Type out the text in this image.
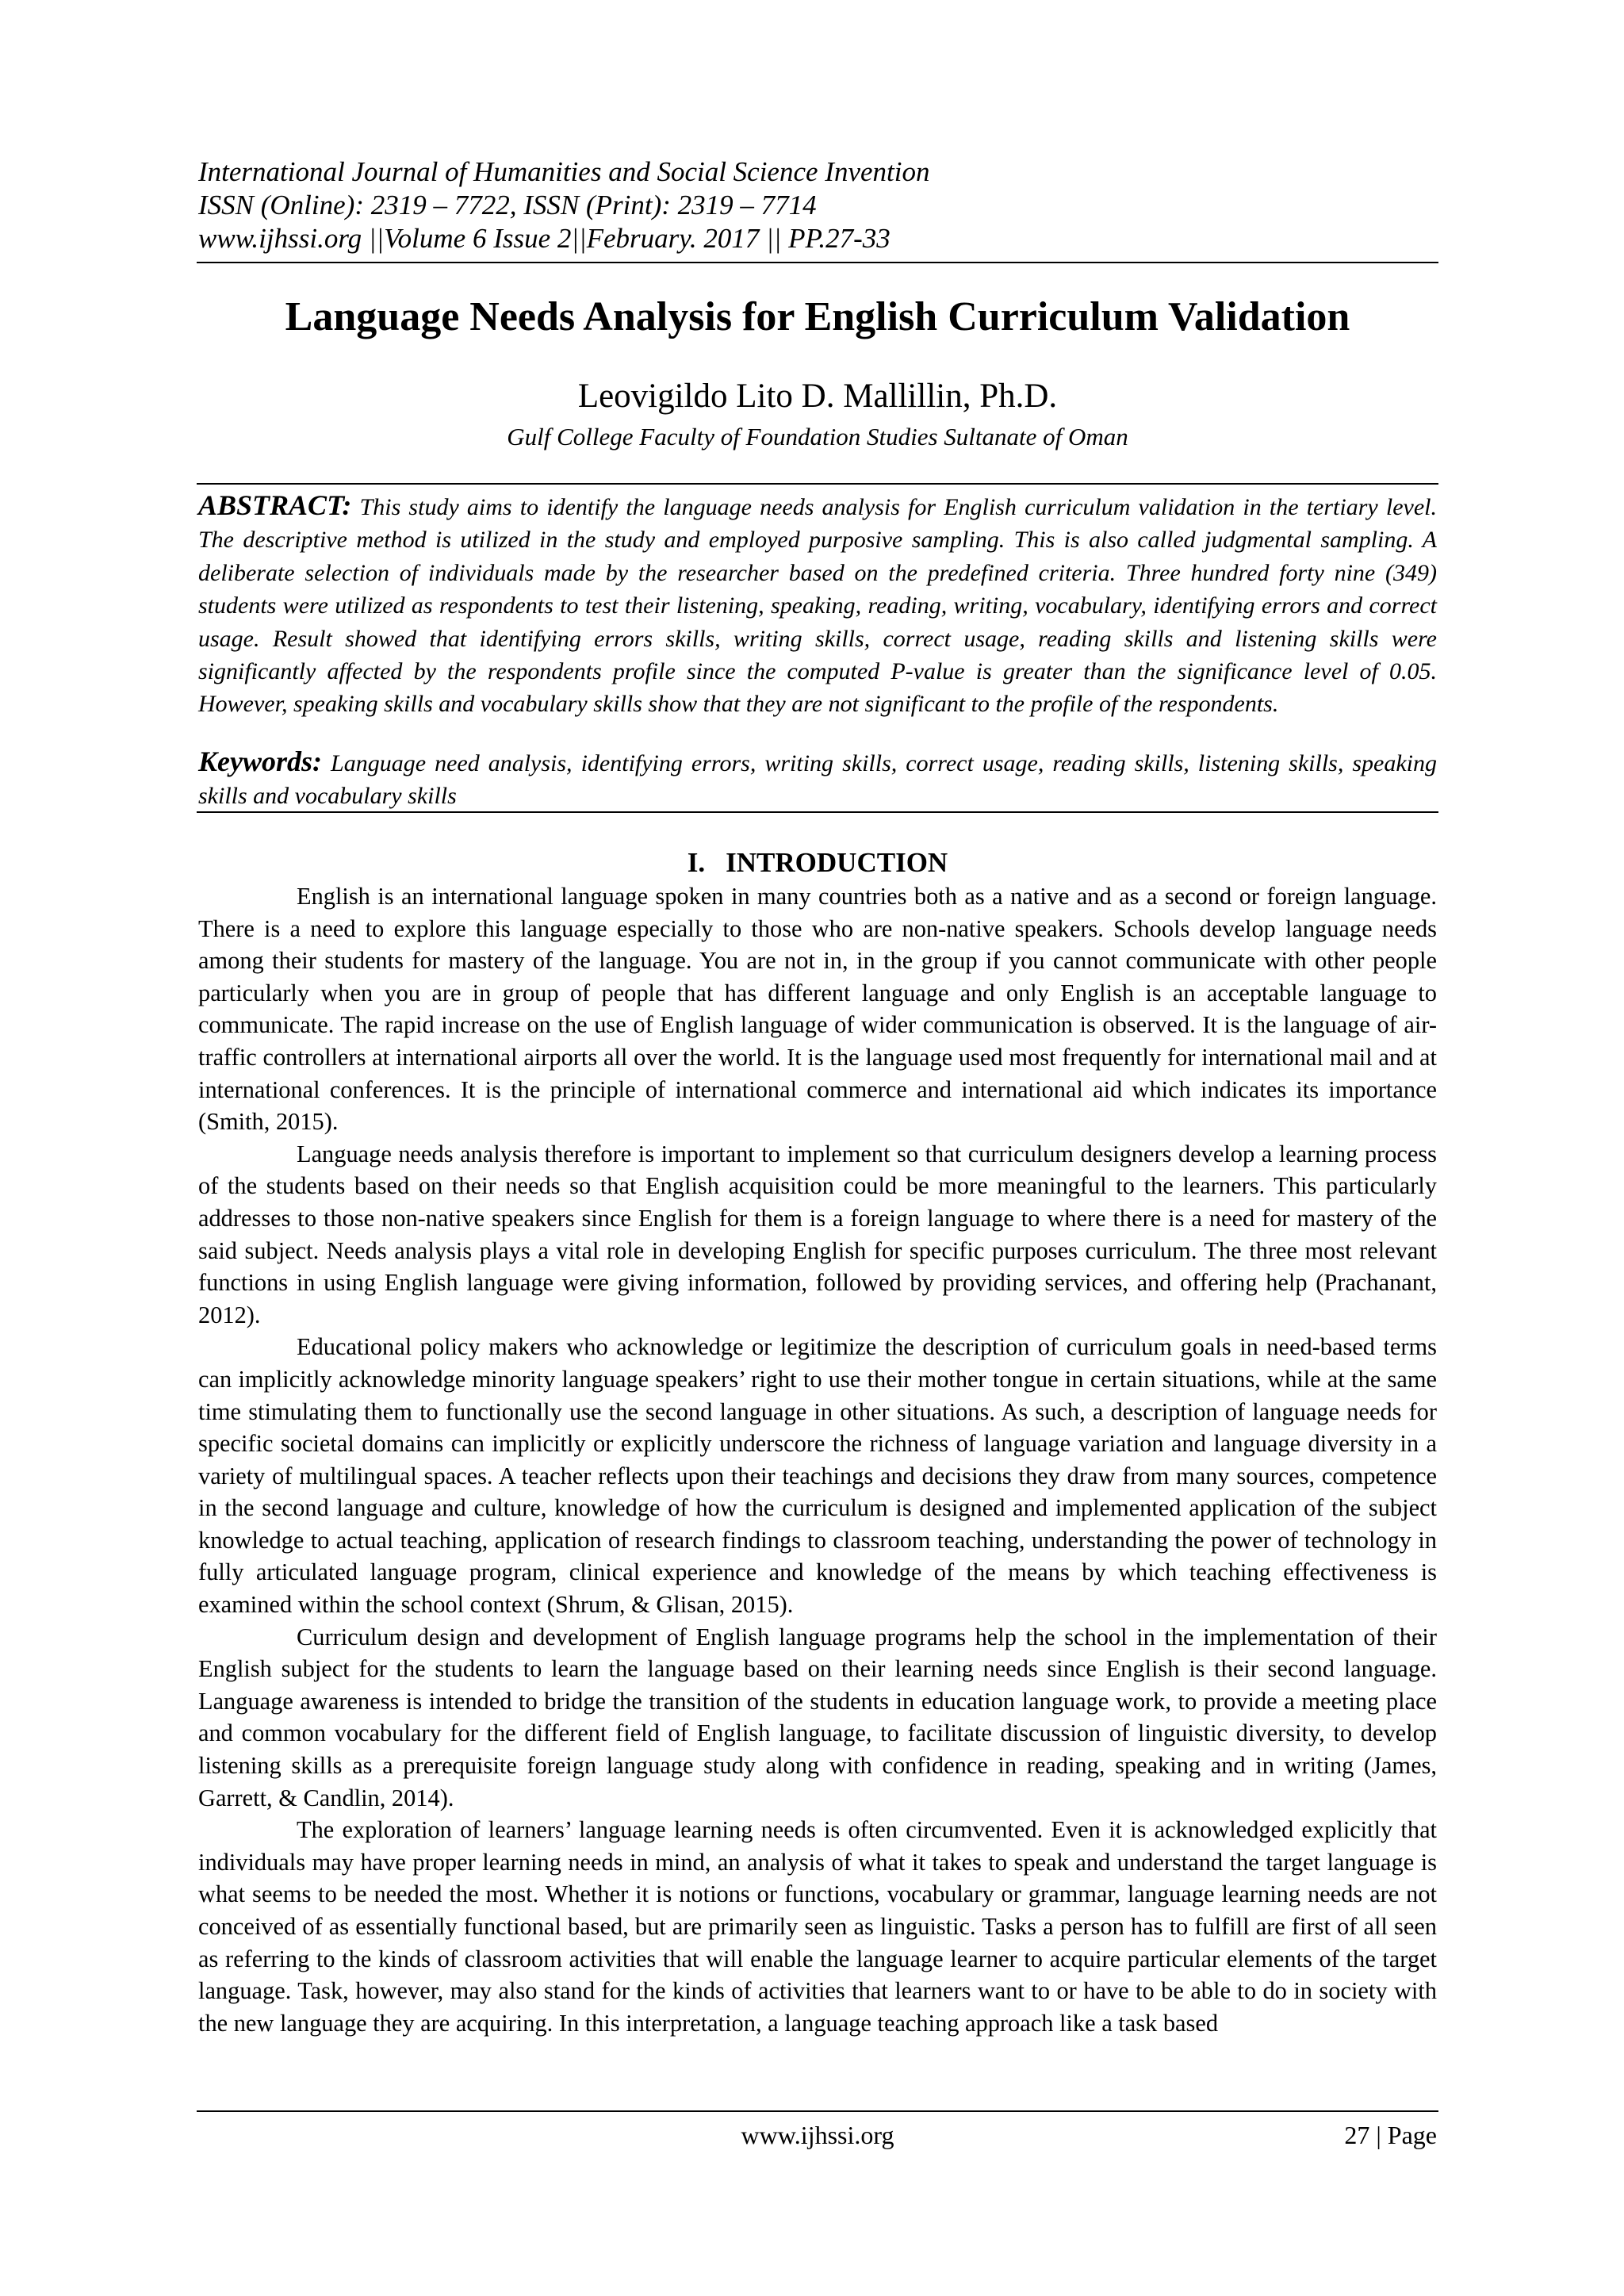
International Journal of Humanities and Social Science Invention
ISSN (Online): 2319 – 7722, ISSN (Print): 2319 – 7714
www.ijhssi.org ||Volume 6 Issue 2||February. 2017 || PP.27-33
Language Needs Analysis for English Curriculum Validation
Leovigildo Lito D. Mallillin, Ph.D.
Gulf College Faculty of Foundation Studies Sultanate of Oman
ABSTRACT: This study aims to identify the language needs analysis for English curriculum validation in the tertiary level. The descriptive method is utilized in the study and employed purposive sampling. This is also called judgmental sampling. A deliberate selection of individuals made by the researcher based on the predefined criteria. Three hundred forty nine (349) students were utilized as respondents to test their listening, speaking, reading, writing, vocabulary, identifying errors and correct usage. Result showed that identifying errors skills, writing skills, correct usage, reading skills and listening skills were significantly affected by the respondents profile since the computed P-value is greater than the significance level of 0.05. However, speaking skills and vocabulary skills show that they are not significant to the profile of the respondents.
Keywords: Language need analysis, identifying errors, writing skills, correct usage, reading skills, listening skills, speaking skills and vocabulary skills
I. INTRODUCTION

English is an international language spoken in many countries both as a native and as a second or foreign language. There is a need to explore this language especially to those who are non-native speakers. Schools develop language needs among their students for mastery of the language. You are not in, in the group if you cannot communicate with other people particularly when you are in group of people that has different language and only English is an acceptable language to communicate. The rapid increase on the use of English language of wider communication is observed. It is the language of air-traffic controllers at international airports all over the world. It is the language used most frequently for international mail and at international conferences. It is the principle of international commerce and international aid which indicates its importance (Smith, 2015).

Language needs analysis therefore is important to implement so that curriculum designers develop a learning process of the students based on their needs so that English acquisition could be more meaningful to the learners. This particularly addresses to those non-native speakers since English for them is a foreign language to where there is a need for mastery of the said subject. Needs analysis plays a vital role in developing English for specific purposes curriculum. The three most relevant functions in using English language were giving information, followed by providing services, and offering help (Prachanant, 2012).

Educational policy makers who acknowledge or legitimize the description of curriculum goals in need-based terms can implicitly acknowledge minority language speakers’ right to use their mother tongue in certain situations, while at the same time stimulating them to functionally use the second language in other situations. As such, a description of language needs for specific societal domains can implicitly or explicitly underscore the richness of language variation and language diversity in a variety of multilingual spaces. A teacher reflects upon their teachings and decisions they draw from many sources, competence in the second language and culture, knowledge of how the curriculum is designed and implemented application of the subject knowledge to actual teaching, application of research findings to classroom teaching, understanding the power of technology in fully articulated language program, clinical experience and knowledge of the means by which teaching effectiveness is examined within the school context (Shrum, & Glisan, 2015).

Curriculum design and development of English language programs help the school in the implementation of their English subject for the students to learn the language based on their learning needs since English is their second language. Language awareness is intended to bridge the transition of the students in education language work, to provide a meeting place and common vocabulary for the different field of English language, to facilitate discussion of linguistic diversity, to develop listening skills as a prerequisite foreign language study along with confidence in reading, speaking and in writing (James, Garrett, & Candlin, 2014).

The exploration of learners’ language learning needs is often circumvented. Even it is acknowledged explicitly that individuals may have proper learning needs in mind, an analysis of what it takes to speak and understand the target language is what seems to be needed the most. Whether it is notions or functions, vocabulary or grammar, language learning needs are not conceived of as essentially functional based, but are primarily seen as linguistic. Tasks a person has to fulfill are first of all seen as referring to the kinds of classroom activities that will enable the language learner to acquire particular elements of the target language. Task, however, may also stand for the kinds of activities that learners want to or have to be able to do in society with the new language they are acquiring. In this interpretation, a language teaching approach like a task based

www.ijhssi.org	27 | Page
